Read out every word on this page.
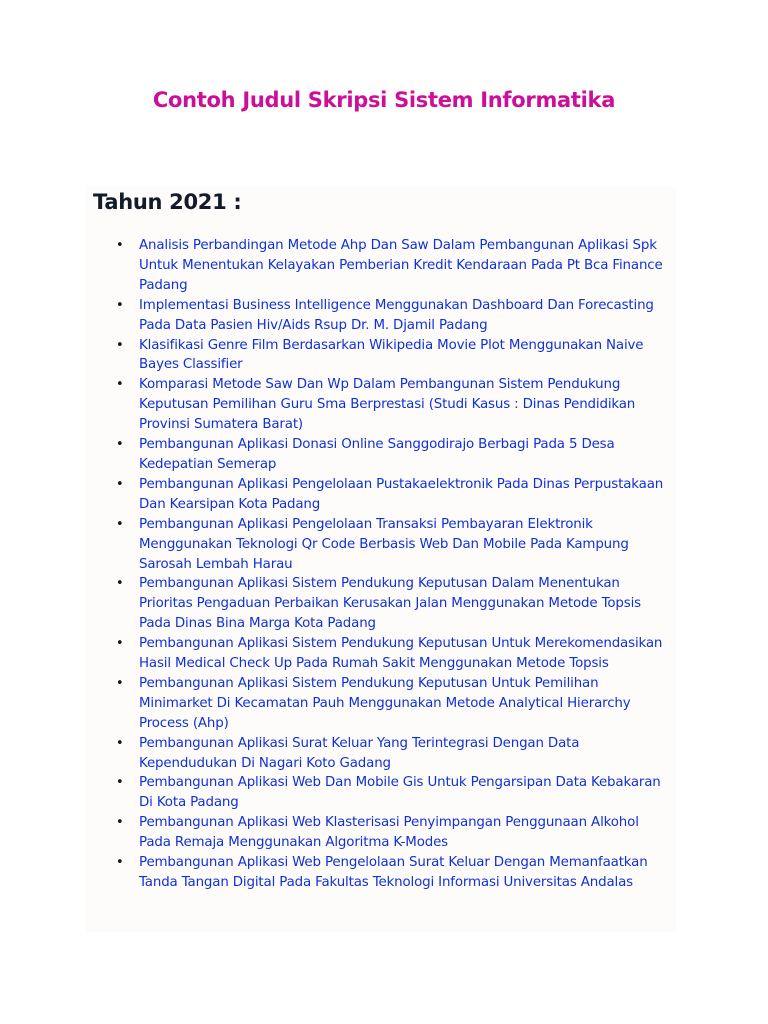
Contoh Judul Skripsi Sistem Informatika
Tahun 2021 :
• Analisis Perbandingan Metode Ahp Dan Saw Dalam Pembangunan Aplikasi Spk Untuk Menentukan Kelayakan Pemberian Kredit Kendaraan Pada Pt Bca Finance Padang
• Implementasi Business Intelligence Menggunakan Dashboard Dan Forecasting Pada Data Pasien Hiv/Aids Rsup Dr. M. Djamil Padang
• Klasifikasi Genre Film Berdasarkan Wikipedia Movie Plot Menggunakan Naive Bayes Classifier
• Komparasi Metode Saw Dan Wp Dalam Pembangunan Sistem Pendukung Keputusan Pemilihan Guru Sma Berprestasi (Studi Kasus : Dinas Pendidikan Provinsi Sumatera Barat)
• Pembangunan Aplikasi Donasi Online Sanggodirajo Berbagi Pada 5 Desa Kedepatian Semerap
• Pembangunan Aplikasi Pengelolaan Pustakaelektronik Pada Dinas Perpustakaan Dan Kearsipan Kota Padang
• Pembangunan Aplikasi Pengelolaan Transaksi Pembayaran Elektronik Menggunakan Teknologi Qr Code Berbasis Web Dan Mobile Pada Kampung Sarosah Lembah Harau
• Pembangunan Aplikasi Sistem Pendukung Keputusan Dalam Menentukan Prioritas Pengaduan Perbaikan Kerusakan Jalan Menggunakan Metode Topsis Pada Dinas Bina Marga Kota Padang
• Pembangunan Aplikasi Sistem Pendukung Keputusan Untuk Merekomendasikan Hasil Medical Check Up Pada Rumah Sakit Menggunakan Metode Topsis
• Pembangunan Aplikasi Sistem Pendukung Keputusan Untuk Pemilihan Minimarket Di Kecamatan Pauh Menggunakan Metode Analytical Hierarchy Process (Ahp)
• Pembangunan Aplikasi Surat Keluar Yang Terintegrasi Dengan Data Kependudukan Di Nagari Koto Gadang
• Pembangunan Aplikasi Web Dan Mobile Gis Untuk Pengarsipan Data Kebakaran Di Kota Padang
• Pembangunan Aplikasi Web Klasterisasi Penyimpangan Penggunaan Alkohol Pada Remaja Menggunakan Algoritma K-Modes
• Pembangunan Aplikasi Web Pengelolaan Surat Keluar Dengan Memanfaatkan Tanda Tangan Digital Pada Fakultas Teknologi Informasi Universitas Andalas
